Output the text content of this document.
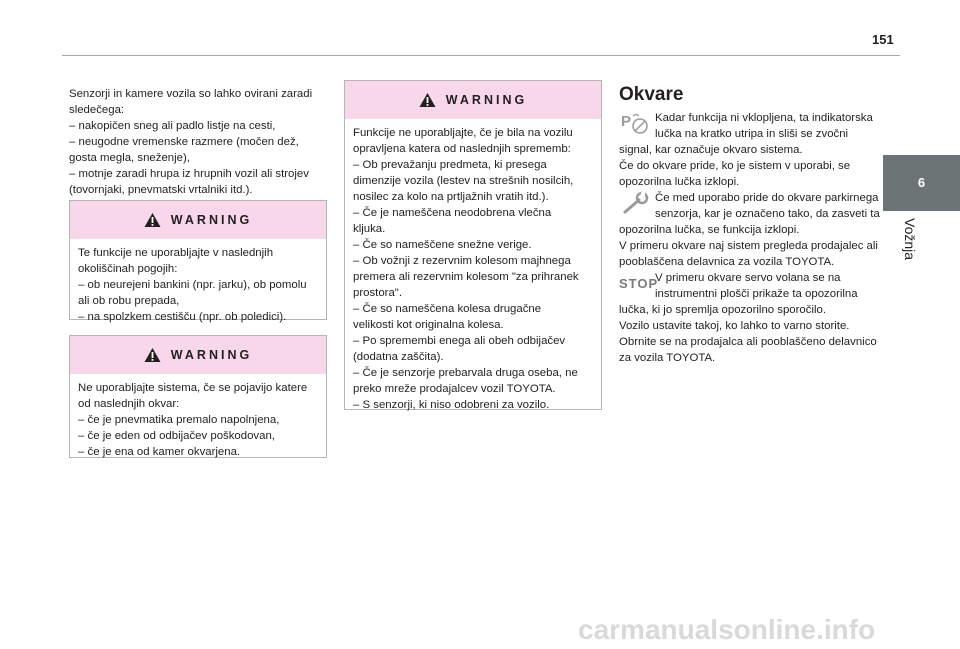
151
6
Vožnja

Senzorji in kamere vozila so lahko ovirani zaradi
sledečega:
– nakopičen sneg ali padlo listje na cesti,
– neugodne vremenske razmere (močen dež,
gosta megla, sneženje),
– motnje zaradi hrupa iz hrupnih vozil ali strojev
(tovornjaki, pnevmatski vrtalniki itd.).

WARNING
Te funkcije ne uporabljajte v naslednjih
okoliščinah pogojih:
– ob neurejeni bankini (npr. jarku), ob pomolu
ali ob robu prepada,
– na spolzkem cestišču (npr. ob poledici).
WARNING
Ne uporabljajte sistema, če se pojavijo katere
od naslednjih okvar:
– če je pnevmatika premalo napolnjena,
– če je eden od odbijačev poškodovan,
– če je ena od kamer okvarjena.
WARNING
Funkcije ne uporabljajte, če je bila na vozilu
opravljena katera od naslednjih sprememb:
– Ob prevažanju predmeta, ki presega
dimenzije vozila (lestev na strešnih nosilcih,
nosilec za kolo na prtljažnih vratih itd.).
– Če je nameščena neodobrena vlečna
kljuka.
– Če so nameščene snežne verige.
– Ob vožnji z rezervnim kolesom majhnega
premera ali rezervnim kolesom "za prihranek
prostora".
– Če so nameščena kolesa drugačne
velikosti kot originalna kolesa.
– Po spremembi enega ali obeh odbijačev
(dodatna zaščita).
– Če je senzorje prebarvala druga oseba, ne
preko mreže prodajalcev vozil TOYOTA.
– S senzorji, ki niso odobreni za vozilo.
Okvare
P	Kadar funkcija ni vklopljena, ta indikatorska lučka na kratko utripa in sliši se zvočni signal, kar označuje okvaro sistema.
Če do okvare pride, ko je sistem v uporabi, se opozorilna lučka izklopi.

Če med uporabo pride do okvare parkirnega senzorja, kar je označeno tako, da zasveti ta opozorilna lučka, se funkcija izklopi.
V primeru okvare naj sistem pregleda prodajalec ali pooblaščena delavnica za vozila TOYOTA.

STOP

V primeru okvare servo volana se na instrumentni plošči prikaže ta opozorilna lučka, ki jo spremlja opozorilno sporočilo.
Vozilo ustavite takoj, ko lahko to varno storite.
Obrnite se na prodajalca ali pooblaščeno delavnico za vozila TOYOTA.

carmanualsonline.info
